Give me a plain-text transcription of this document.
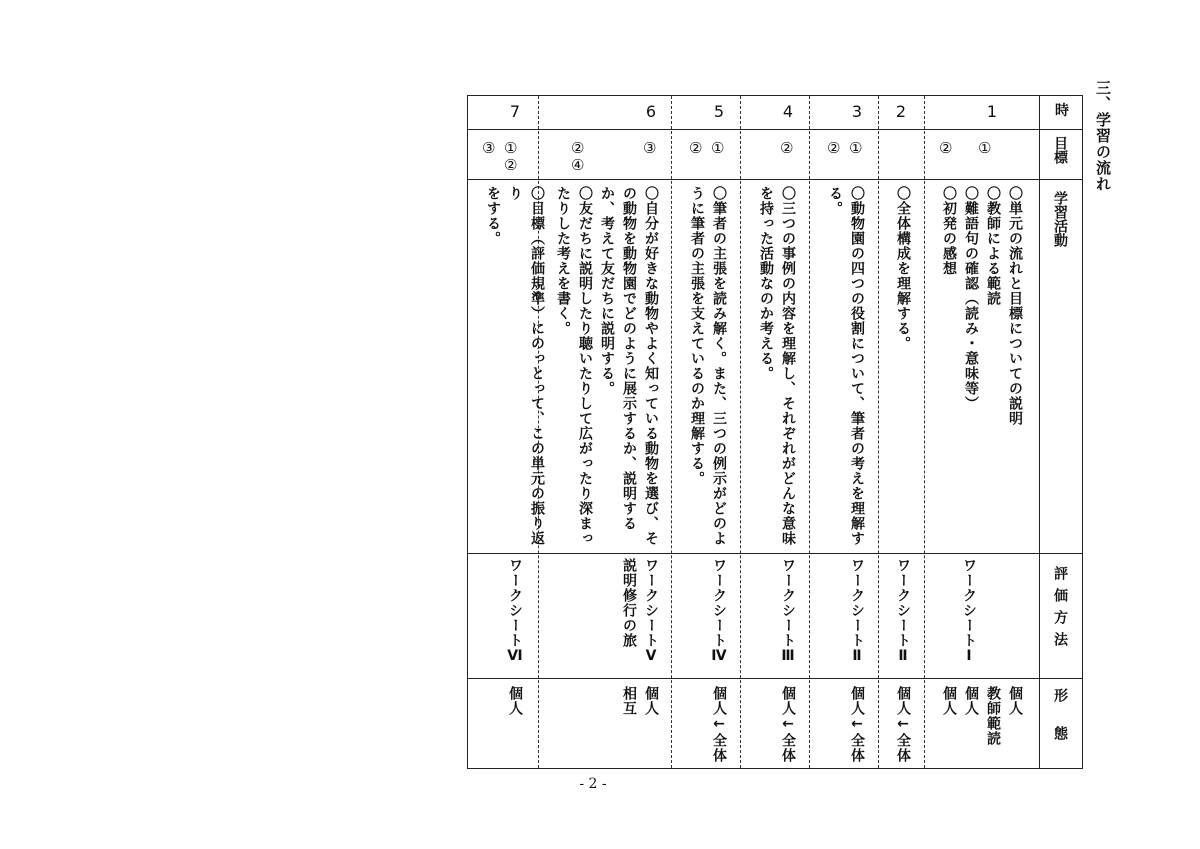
三、学習の流れ
時
目標
学習活動
評価方法
形態
1
①
②
〇単元の流れと目標についての説明
〇教師による範読
〇難語句の確認（読み・意味等）
〇初発の感想
ワークシートⅠ
個人
教師範読
個人
個人
2
〇全体構成を理解する。
ワークシートⅡ
個人←全体
3
①
②
〇動物園の四つの役割について、筆者の考えを理解す
る。
ワークシートⅡ
個人←全体
4
②
〇三つの事例の内容を理解し、それぞれがどんな意味
を持った活動なのか考える。
ワークシートⅢ
個人←全体
5
①
②
〇筆者の主張を読み解く。また、三つの例示がどのよ
うに筆者の主張を支えているのか理解する。
ワークシートⅣ
個人←全体
6
③
②
④
〇自分が好きな動物やよく知っている動物を選び、そ
の動物を動物園でどのように展示するか、説明する
か、考えて友だちに説明する。
〇友だちに説明したり聴いたりして広がったり深まっ
たりした考えを書く。
ワークシートⅤ
説明修行の旅
個人
相互
7
①
②
③
〇目標（評価規準）にのっとって、この単元の振り返り
をする。
ワークシートⅥ
個人
- 2 -
